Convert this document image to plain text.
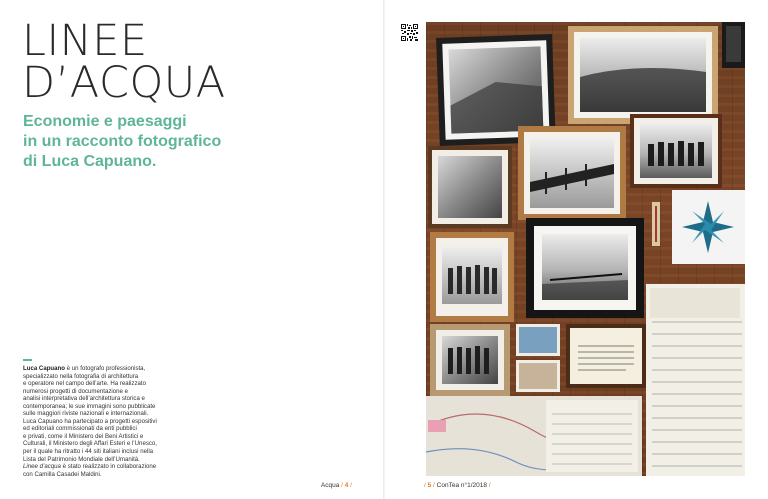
LINEE
D’ACQUA
Economie e paesaggi
in un racconto fotografico
di Luca Capuano.
Luca Capuano è un fotografo professionista,
specializzato nella fotografia di architettura
e operatore nel campo dell’arte. Ha realizzato
numerosi progetti di documentazione e
analisi interpretativa dell’architettura storica e
contemporanea; le sue immagini sono pubblicate
sulle maggiori riviste nazionali e internazionali.
Luca Capuano ha partecipato a progetti espositivi
ed editoriali commissionati da enti pubblici
e privati, come il Ministero dei Beni Artistici e
Culturali, il Ministero degli Affari Esteri e l’Unesco,
per il quale ha ritratto i 44 siti italiani inclusi nella
Lista del Patrimonio Mondiale dell’Umanità.
Linee d’acqua è stato realizzato in collaborazione
con Camilla Casadei Maldini.
Acqua / 4 /	/ 5 / ConTea n°1/2018 /
